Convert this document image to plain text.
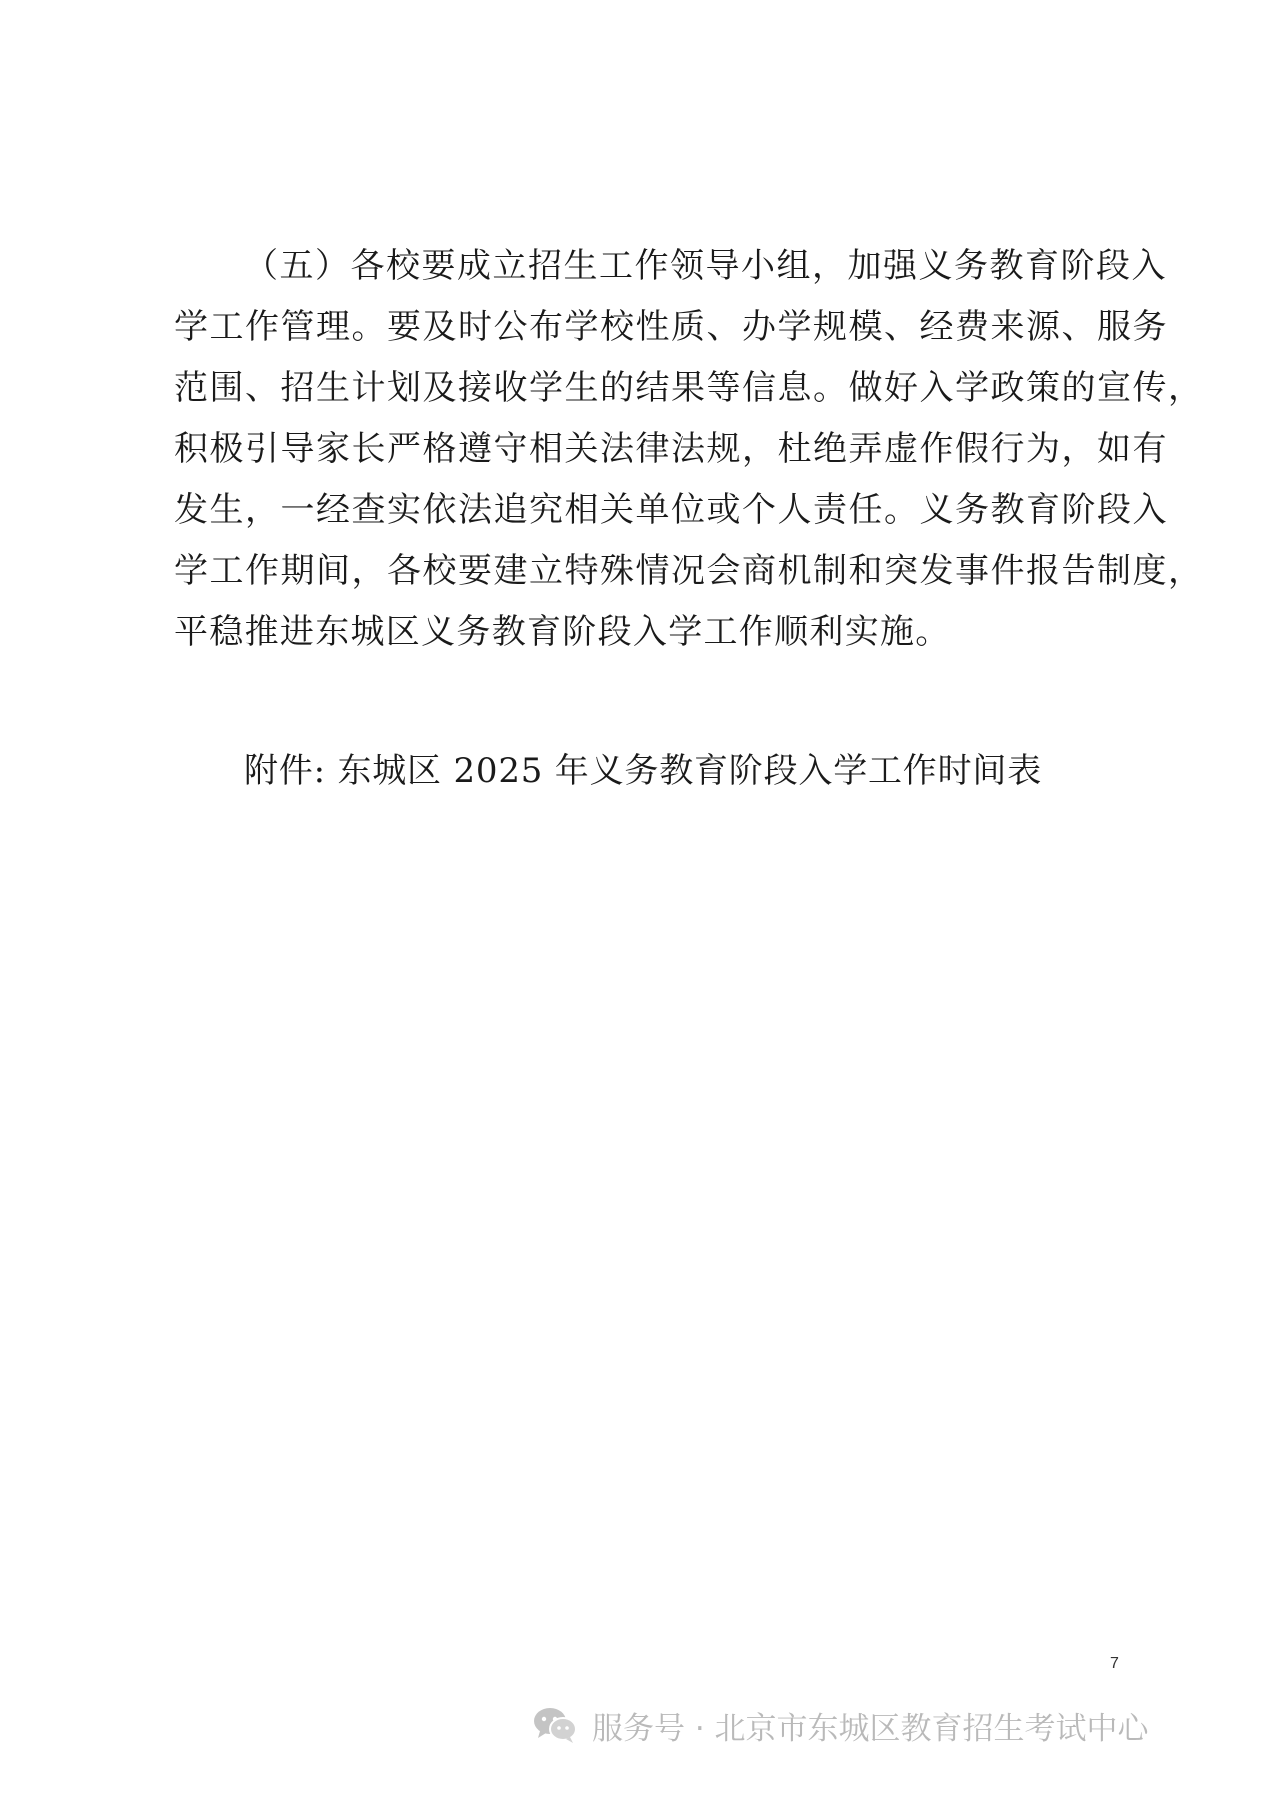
（五）各校要成立招生工作领导小组，加强义务教育阶段入
学工作管理。要及时公布学校性质、办学规模、经费来源、服务
范围、招生计划及接收学生的结果等信息。做好入学政策的宣传，
积极引导家长严格遵守相关法律法规，杜绝弄虚作假行为，如有
发生，一经查实依法追究相关单位或个人责任。义务教育阶段入
学工作期间，各校要建立特殊情况会商机制和突发事件报告制度，
平稳推进东城区义务教育阶段入学工作顺利实施。
附件: 东城区 2025 年义务教育阶段入学工作时间表
7
服务号 · 北京市东城区教育招生考试中心
